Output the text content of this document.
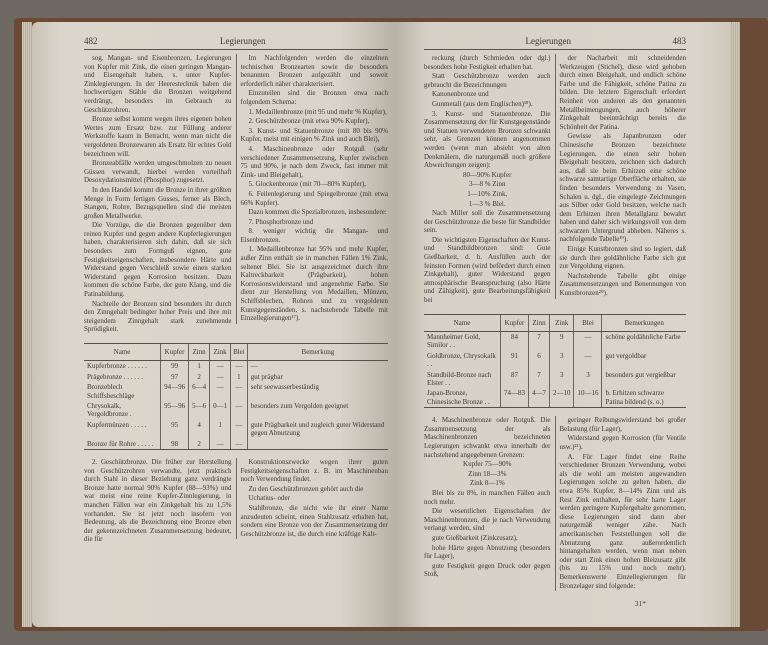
482	Legierungen

sog. Mangan- und Eisenbronzen, Legierungen von Kupfer mit Zink, die einen geringen Mangan- und Eisengehalt haben, s. unter Kupfer-Zinklegierungen. In der Heerestechnik haben die hochwertigen Stähle die Bronzen weitgehend verdrängt, besonders im Gebrauch zu Geschützrohren.

Bronze selbst kommt wegen ihres eigenen hohen Wertes zum Ersatz bzw. zur Füllung anderer Werkstoffe kaum in Betracht, wenn man nicht die vergoldeten Bronzewaren als Ersatz für echtes Gold bezeichnen will.

Bronzeabfälle werden umgeschmolzen zu neuen Güssen verwandt, hierbei werden vorteilhaft Desoxydationsmittel (Phosphor) zugesetzt.

In den Handel kommt die Bronze in ihrer größten Menge in Form fertigen Gusses, ferner als Blech, Stangen, Rohre, Bezugsquellen sind die meisten großen Metallwerke.

Die Vorzüge, die die Bronzen gegenüber dem reinen Kupfer und gegen andere Kupferlegierungen haben, charakterisieren sich dahin, daß sie sich besonders zum Formguß eignen, gute Festigkeitseigenschaften, insbesondere Härte und Widerstand gegen Verschleiß sowie einen starken Widerstand gegen Korrosion besitzen. Dazu kommen die schöne Farbe, der gute Klang, und die Patinabildung.

Nachteile der Bronzen sind besonders ihr durch den Zinngehalt bedingter hoher Preis und ihre mit steigendem Zinngehalt stark zunehmende Sprödigkeit.

Im Nachfolgenden werden die einzelnen technischen Bronzearten sowie die besonders benannten Bronzen aufgezählt und soweit erforderlich näher charakterisiert.

Einzuteilen sind die Bronzen etwa nach folgendem Schema:

1. Medaillenbronze (mit 95 und mehr % Kupfer),

2. Geschützbronze (mit etwa 90% Kupfer),

3. Kunst- und Statuenbronze (mit 80 bis 90% Kupfer, meist mit einigen % Zink und auch Blei),

4. Maschinenbronze oder Rotguß (sehr verschiedener Zusammensetzung, Kupfer zwischen 75 und 90%, je nach dem Zweck, fast immer mit Zink- und Bleigehalt),

5. Glockenbronze (mit 70—80% Kupfer),

6. Feilenlegierung und Spiegelbronze (mit etwa 66% Kupfer).

Dazu kommen die Spezialbronzen, insbesondere:

7. Phosphorbronze und

8. weniger wichtig die Mangan- und Eisenbronzen.

1. Medaillenbronze hat 95% und mehr Kupfer, außer Zinn enthält sie in manchen Fällen 1% Zink, seltener Blei. Sie ist ausgezeichnet durch ihre Kaltreckbarkeit (Prägbarkeit), hohen Korrosionswiderstand und angenehme Farbe. Sie dient zur Herstellung von Medaillen, Münzen, Schiffsblechen, Rohren und zu vergoldeten Kunstgegenständen, s. nachstehende Tabelle mit Einzellegierungen¹⁷).

Name	Kupfer	Zinn	Zink	Blei	Bemerkung
Kupferbronze . . . . . .	99	1	—	—	—
Prägebronze . . . . . .	97	2	—	1	gut prägbar
Bronzeblech Schiffsbeschläge	94—96	6—4	—	—	sehr seewasserbeständig
Chrysokalk, Vergoldbronze .	95—96	5—6	0—1	—	besonders zum Vergolden geeignet
Kupfermünzen . . . . .	95	4	1	—	gute Prägbarkeit und zugleich guter Widerstand gegen Abnutzung
Bronze für Rohre . . . . .	98	2	—	—	

2. Geschützbronze. Die früher zur Herstellung von Geschützrohren verwandte, jetzt praktisch durch Stahl in dieser Beziehung ganz verdrängte Bronze hatte normal 90% Kupfer (88—93%) und war meist eine reine Kupfer-Zinnlegierung, in manchen Fällen war ein Zinkgehalt bis zu 1,5% vorhanden. Sie ist jetzt noch insofern von Bedeutung, als die Bezeichnung eine Bronze eben der gekennzeichneten Zusammensetzung bedeutet, die für

Konstruktionszwecke wegen ihrer guten Festigkeitseigenschaften z. B. im Maschinenbau noch Verwendung findet.

Zu den Geschützbronzen gehört auch die

Uchatius- oder

Stahlbronze, die nicht wie ihr einer Name anzudeuten scheint, einen Stahlzusatz erhalten hat, sondern eine Bronze von der Zusammensetzung der Geschützbronze ist, die durch eine kräftige Kalt-

Legierungen	483

reckung (durch Schmieden oder dgl.) besonders hohe Festigkeit erhalten hat.

Statt Geschützbronze werden auch gebraucht die Bezeichnungen

Kanonenbronze und

Gunmetall (aus dem Englischen)¹⁸).

3. Kunst- und Statuenbronze. Die Zusammensetzung der für Kunstgegenstände und Statuen verwendeten Bronzen schwankt sehr, als Grenzen können angenommen werden (wenn man absieht von alten Denkmälern, die naturgemäß noch größere Abweichungen zeigen):

80—90% Kupfer

3—8 % Zinn

1—10% Zink,

1—3 % Blei.

Nach Miller soll die Zusammensetzung der Geschützbronze die beste für Standbilder sein.

Die wichtigsten Eigenschaften der Kunst- und Standbildbronzen sind: Gute Gießbarkeit, d. h. Ausfüllen auch der feinsten Formen (wird befördert durch einen Zinkgehalt), guter Widerstand gegen atmosphärische Beanspruchung (also Härte und Zähigkeit), gute Bearbeitungsfähigkeit bei

der Nacharbeit mit schneidenden Werkzeugen (Stichel), diese wird gehoben durch einen Bleigehalt, und endlich schöne Farbe und die Fähigkeit, schöne Patina zu bilden. Die letztere Eigenschaft erfordert Reinheit von anderen als den genannten Metallbeimengungen, auch höherer Zinkgehalt beeinträchtigt bereits die Schönheit der Patina.

Gewisse als Japanbronzen oder Chinesische Bronzen bezeichnete Legierungen, die einen sehr hohen Bleigehalt besitzen, zeichnen sich dadurch aus, daß sie beim Erhitzen eine schöne schwarze samtartige Oberfläche erhalten, sie finden besonders Verwendung zu Vasen, Schalen u. dgl., die eingelegte Zeichnungen aus Silber oder Gold besitzen, welche nach dem Erhitzen ihren Metallglanz bewahrt haben und daher sich wirkungsvoll von dem schwarzen Untergrund abheben. Näheres s. nachfolgende Tabelle¹⁹).

Einige Kunstbronzen sind so legiert, daß sie durch ihre goldähnliche Farbe sich gut zur Vergoldung eignen.

Nachstehende Tabelle gibt einige Zusammensetzungen und Benennungen von Kunstbronzen²⁰).

Name	Kupfer	Zinn	Zink	Blei	Bemerkungen
Mannheimer Gold, Similor . .	84	7	9	—	schöne goldähnliche Farbe
Goldbronze, Chrysokalk . .	91	6	3	—	gut vergoldbar
Standbild-Bronze nach Elster . .	87	7	3	3	besonders gut vergießbar
Japan-Bronze, Chinesische Bronze . .	74—83	4—7	2—10	10—16	b. Erhitzen schwarze Patina bildend (s. o.)

4. Maschinenbronze oder Rotguß. Die Zusammensetzung der als Maschinenbronzen bezeichneten Legierungen schwankt etwa innerhalb der nachstehend angegebenen Grenzen:

Kupfer 75—90%

Zinn 18—3%

Zink 8—1%

Blei bis zu 8%, in manchen Fällen auch noch mehr.

Die wesentlichen Eigenschaften der Maschinenbronzen, die je nach Verwendung verlangt werden, sind

gute Gießbarkeit (Zinkzusatz),

hohe Härte gegen Abnutzung (besonders für Lager),

gute Festigkeit gegen Druck oder gegen Stoß,

geringer Reibungswiderstand bei großer Belastung (für Lager),

Widerstand gegen Korrosion (für Ventile usw.)²¹).

A. Für Lager findet eine Reihe verschiedener Bronzen Verwendung, wobei als die wohl am meisten angewandten Legierungen solche zu gelten haben, die etwa 85% Kupfer, 8—14% Zinn und als Rest Zink enthalten, für sehr harte Lager werden geringere Kupfergehalte genommen, diese Legierungen sind dann aber naturgemäß weniger zähe. Nach amerikanischen Feststellungen soll die Abnutzung ganz außerordentlich hintangehalten werden, wenn man neben oder statt Zink einen hohen Bleizusatz gibt (bis zu 15% und noch mehr). Bemerkenswerte Einzellegierungen für Bronzelager sind folgende:

31*
